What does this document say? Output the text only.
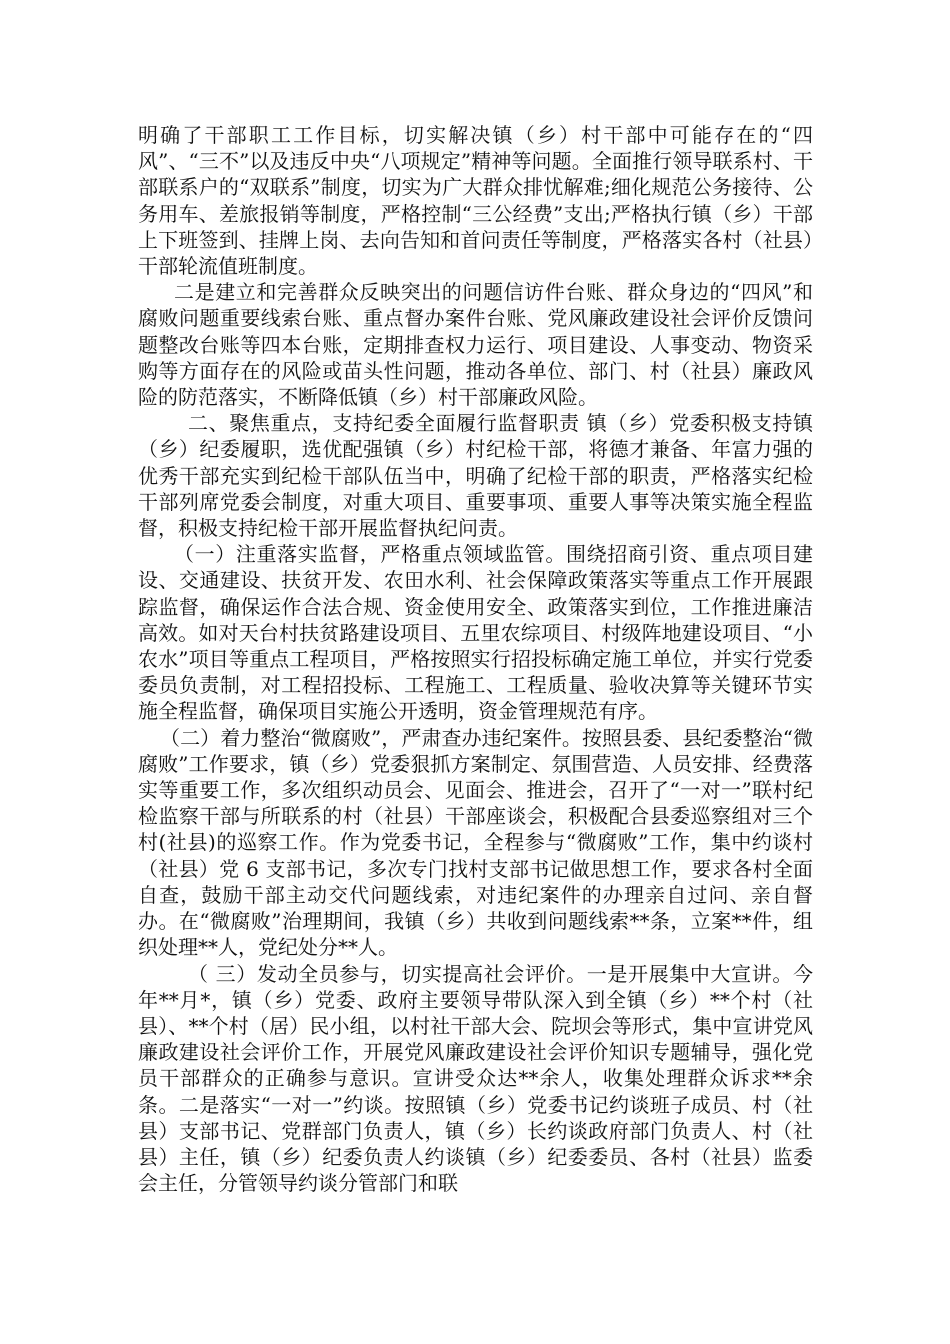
明确了干部职工工作目标，切实解决镇（乡）村干部中可能存在的“四风”、“三不”以及违反中央“八项规定”精神等问题。全面推行领导联系村、干部联系户的“双联系”制度，切实为广大群众排忧解难;细化规范公务接待、公务用车、差旅报销等制度，严格控制“三公经费”支出;严格执行镇（乡）干部上下班签到、挂牌上岗、去向告知和首问责任等制度，严格落实各村（社县）干部轮流值班制度。

二是建立和完善群众反映突出的问题信访件台账、群众身边的“四风”和腐败问题重要线索台账、重点督办案件台账、党风廉政建设社会评价反馈问题整改台账等四本台账，定期排查权力运行、项目建设、人事变动、物资采购等方面存在的风险或苗头性问题，推动各单位、部门、村（社县）廉政风险的防范落实，不断降低镇（乡）村干部廉政风险。

二、聚焦重点，支持纪委全面履行监督职责 镇（乡）党委积极支持镇（乡）纪委履职，选优配强镇（乡）村纪检干部，将德才兼备、年富力强的优秀干部充实到纪检干部队伍当中，明确了纪检干部的职责，严格落实纪检干部列席党委会制度，对重大项目、重要事项、重要人事等决策实施全程监督，积极支持纪检干部开展监督执纪问责。

（一）注重落实监督，严格重点领域监管。围绕招商引资、重点项目建设、交通建设、扶贫开发、农田水利、社会保障政策落实等重点工作开展跟踪监督，确保运作合法合规、资金使用安全、政策落实到位，工作推进廉洁高效。如对天台村扶贫路建设项目、五里农综项目、村级阵地建设项目、“小农水”项目等重点工程项目，严格按照实行招投标确定施工单位，并实行党委委员负责制，对工程招投标、工程施工、工程质量、验收决算等关键环节实施全程监督，确保项目实施公开透明，资金管理规范有序。

（二）着力整治“微腐败”，严肃查办违纪案件。按照县委、县纪委整治“微腐败”工作要求，镇（乡）党委狠抓方案制定、氛围营造、人员安排、经费落实等重要工作，多次组织动员会、见面会、推进会，召开了“一对一”联村纪检监察干部与所联系的村（社县）干部座谈会，积极配合县委巡察组对三个村(社县)的巡察工作。作为党委书记，全程参与“微腐败”工作，集中约谈村（社县）党 6 支部书记，多次专门找村支部书记做思想工作，要求各村全面自查，鼓励干部主动交代问题线索，对违纪案件的办理亲自过问、亲自督办。在“微腐败”治理期间，我镇（乡）共收到问题线索**条，立案**件，组织处理**人，党纪处分**人。

（ 三）发动全员参与，切实提高社会评价。一是开展集中大宣讲。今年**月*，镇（乡）党委、政府主要领导带队深入到全镇（乡）**个村（社县）、**个村（居）民小组，以村社干部大会、院坝会等形式，集中宣讲党风廉政建设社会评价工作，开展党风廉政建设社会评价知识专题辅导，强化党员干部群众的正确参与意识。宣讲受众达**余人，收集处理群众诉求**余条。二是落实“一对一”约谈。按照镇（乡）党委书记约谈班子成员、村（社县）支部书记、党群部门负责人，镇（乡）长约谈政府部门负责人、村（社县）主任，镇（乡）纪委负责人约谈镇（乡）纪委委员、各村（社县）监委会主任，分管领导约谈分管部门和联
